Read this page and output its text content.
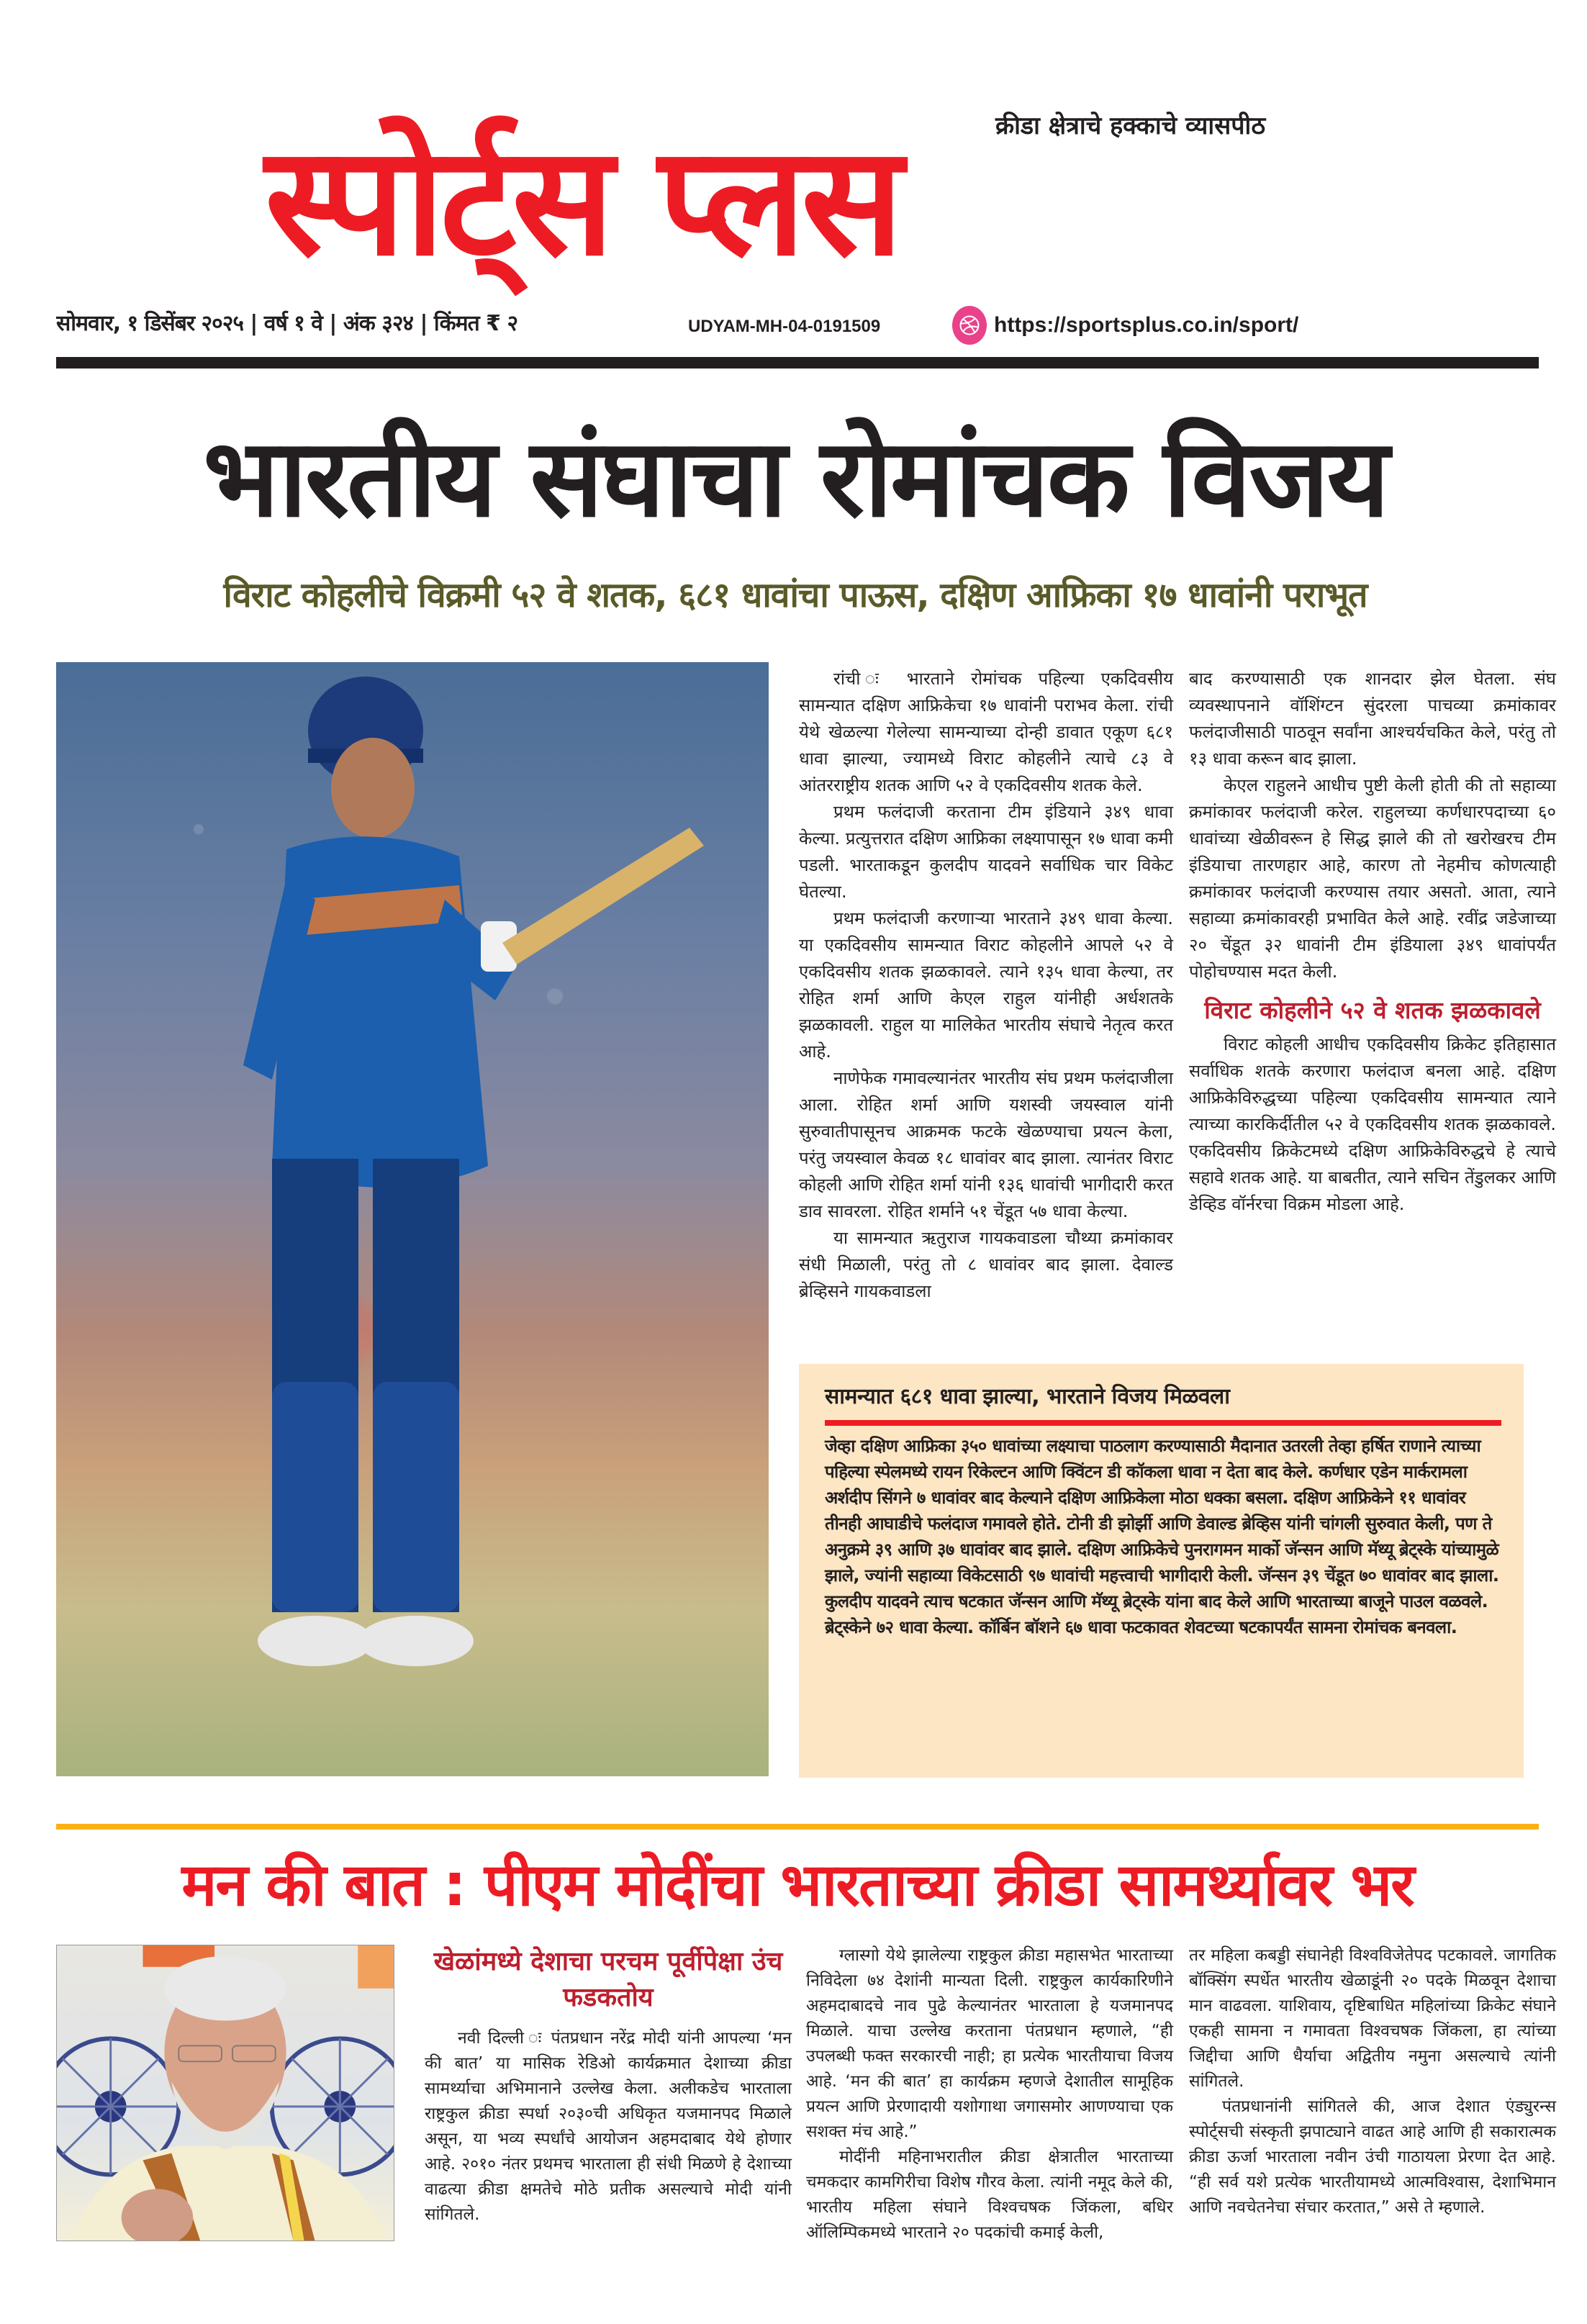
स्पोर्ट्स प्लस	क्रीडा क्षेत्राचे हक्काचे व्यासपीठ
सोमवार, १ डिसेंबर २०२५ | वर्ष १ वे | अंक ३२४ | किंमत ₹ २	UDYAM-MH-04-0191509	https://sportsplus.co.in/sport/
भारतीय संघाचा रोमांचक विजय
विराट कोहलीचे विक्रमी ५२ वे शतक, ६८१ धावांचा पाऊस, दक्षिण आफ्रिका १७ धावांनी पराभूत

रांची ः भारताने रोमांचक पहिल्या एकदिवसीय सामन्यात दक्षिण आफ्रिकेचा १७ धावांनी पराभव केला. रांची येथे खेळल्या गेलेल्या सामन्याच्या दोन्ही डावात एकूण ६८१ धावा झाल्या, ज्यामध्ये विराट कोहलीने त्याचे ८३ वे आंतरराष्ट्रीय शतक आणि ५२ वे एकदिवसीय शतक केले.

प्रथम फलंदाजी करताना टीम इंडियाने ३४९ धावा केल्या. प्रत्युत्तरात दक्षिण आफ्रिका लक्ष्यापासून १७ धावा कमी पडली. भारताकडून कुलदीप यादवने सर्वाधिक चार विकेट घेतल्या.

प्रथम फलंदाजी करणाऱ्या भारताने ३४९ धावा केल्या. या एकदिवसीय सामन्यात विराट कोहलीने आपले ५२ वे एकदिवसीय शतक झळकावले. त्याने १३५ धावा केल्या, तर रोहित शर्मा आणि केएल राहुल यांनीही अर्धशतके झळकावली. राहुल या मालिकेत भारतीय संघाचे नेतृत्व करत आहे.

नाणेफेक गमावल्यानंतर भारतीय संघ प्रथम फलंदाजीला आला. रोहित शर्मा आणि यशस्वी जयस्वाल यांनी सुरुवातीपासूनच आक्रमक फटके खेळण्याचा प्रयत्न केला, परंतु जयस्वाल केवळ १८ धावांवर बाद झाला. त्यानंतर विराट कोहली आणि रोहित शर्मा यांनी १३६ धावांची भागीदारी करत डाव सावरला. रोहित शर्माने ५१ चेंडूत ५७ धावा केल्या.

या सामन्यात ऋतुराज गायकवाडला चौथ्या क्रमांकावर संधी मिळाली, परंतु तो ८ धावांवर बाद झाला. देवाल्ड ब्रेव्हिसने गायकवाडला

बाद करण्यासाठी एक शानदार झेल घेतला. संघ व्यवस्थापनाने वॉशिंग्टन सुंदरला पाचव्या क्रमांकावर फलंदाजीसाठी पाठवून सर्वांना आश्चर्यचकित केले, परंतु तो १३ धावा करून बाद झाला.

केएल राहुलने आधीच पुष्टी केली होती की तो सहाव्या क्रमांकावर फलंदाजी करेल. राहुलच्या कर्णधारपदाच्या ६० धावांच्या खेळीवरून हे सिद्ध झाले की तो खरोखरच टीम इंडियाचा तारणहार आहे, कारण तो नेहमीच कोणत्याही क्रमांकावर फलंदाजी करण्यास तयार असतो. आता, त्याने सहाव्या क्रमांकावरही प्रभावित केले आहे. रवींद्र जडेजाच्या २० चेंडूत ३२ धावांनी टीम इंडियाला ३४९ धावांपर्यंत पोहोचण्यास मदत केली.

विराट कोहलीने ५२ वे शतक झळकावले

विराट कोहली आधीच एकदिवसीय क्रिकेट इतिहासात सर्वाधिक शतके करणारा फलंदाज बनला आहे. दक्षिण आफ्रिकेविरुद्धच्या पहिल्या एकदिवसीय सामन्यात त्याने त्याच्या कारकिर्दीतील ५२ वे एकदिवसीय शतक झळकावले. एकदिवसीय क्रिकेटमध्ये दक्षिण आफ्रिकेविरुद्धचे हे त्याचे सहावे शतक आहे. या बाबतीत, त्याने सचिन तेंडुलकर आणि डेव्हिड वॉर्नरचा विक्रम मोडला आहे.

सामन्यात ६८१ धावा झाल्या, भारताने विजय मिळवला

जेव्हा दक्षिण आफ्रिका ३५० धावांच्या लक्ष्याचा पाठलाग करण्यासाठी मैदानात उतरली तेव्हा हर्षित राणाने त्याच्या पहिल्या स्पेलमध्ये रायन रिकेल्टन आणि क्विंटन डी कॉकला धावा न देता बाद केले. कर्णधार एडेन मार्करामला अर्शदीप सिंगने ७ धावांवर बाद केल्याने दक्षिण आफ्रिकेला मोठा धक्का बसला. दक्षिण आफ्रिकेने ११ धावांवर तीनही आघाडीचे फलंदाज गमावले होते. टोनी डी झोर्झी आणि डेवाल्ड ब्रेव्हिस यांनी चांगली सुरुवात केली, पण ते अनुक्रमे ३९ आणि ३७ धावांवर बाद झाले. दक्षिण आफ्रिकेचे पुनरागमन मार्को जॅन्सन आणि मॅथ्यू ब्रेट्स्के यांच्यामुळे झाले, ज्यांनी सहाव्या विकेटसाठी ९७ धावांची महत्त्वाची भागीदारी केली. जॅन्सन ३९ चेंडूत ७० धावांवर बाद झाला. कुलदीप यादवने त्याच षटकात जॅन्सन आणि मॅथ्यू ब्रेट्स्के यांना बाद केले आणि भारताच्या बाजूने पाउल वळवले. ब्रेट्स्केने ७२ धावा केल्या. कॉर्बिन बॉशने ६७ धावा फटकावत शेवटच्या षटकापर्यंत सामना रोमांचक बनवला.

मन की बात : पीएम मोदींचा भारताच्या क्रीडा सामर्थ्यावर भर
खेळांमध्ये देशाचा परचम पूर्वीपेक्षा उंच फडकतोय

नवी दिल्ली ः पंतप्रधान नरेंद्र मोदी यांनी आपल्या ‘मन की बात’ या मासिक रेडिओ कार्यक्रमात देशाच्या क्रीडा सामर्थ्याचा अभिमानाने उल्लेख केला. अलीकडेच भारताला राष्ट्रकुल क्रीडा स्पर्धा २०३०ची अधिकृत यजमानपद मिळाले असून, या भव्य स्पर्धांचे आयोजन अहमदाबाद येथे होणार आहे. २०१० नंतर प्रथमच भारताला ही संधी मिळणे हे देशाच्या वाढत्या क्रीडा क्षमतेचे मोठे प्रतीक असल्याचे मोदी यांनी सांगितले.

ग्लास्गो येथे झालेल्या राष्ट्रकुल क्रीडा महासभेत भारताच्या निविदेला ७४ देशांनी मान्यता दिली. राष्ट्रकुल कार्यकारिणीने अहमदाबादचे नाव पुढे केल्यानंतर भारताला हे यजमानपद मिळाले. याचा उल्लेख करताना पंतप्रधान म्हणाले, “ही उपलब्धी फक्त सरकारची नाही; हा प्रत्येक भारतीयाचा विजय आहे. ‘मन की बात’ हा कार्यक्रम म्हणजे देशातील सामूहिक प्रयत्न आणि प्रेरणादायी यशोगाथा जगासमोर आणण्याचा एक सशक्त मंच आहे.”

मोदींनी महिनाभरातील क्रीडा क्षेत्रातील भारताच्या चमकदार कामगिरीचा विशेष गौरव केला. त्यांनी नमूद केले की, भारतीय महिला संघाने विश्वचषक जिंकला, बधिर ऑलिम्पिकमध्ये भारताने २० पदकांची कमाई केली,

तर महिला कबड्डी संघानेही विश्वविजेतेपद पटकावले. जागतिक बॉक्सिंग स्पर्धेत भारतीय खेळाडूंनी २० पदके मिळवून देशाचा मान वाढवला. याशिवाय, दृष्टिबाधित महिलांच्या क्रिकेट संघाने एकही सामना न गमावता विश्वचषक जिंकला, हा त्यांच्या जिद्दीचा आणि धैर्याचा अद्वितीय नमुना असल्याचे त्यांनी सांगितले.

पंतप्रधानांनी सांगितले की, आज देशात एंड्युरन्स स्पोर्ट्सची संस्कृती झपाट्याने वाढत आहे आणि ही सकारात्मक क्रीडा ऊर्जा भारताला नवीन उंची गाठायला प्रेरणा देत आहे. “ही सर्व यशे प्रत्येक भारतीयामध्ये आत्मविश्वास, देशाभिमान आणि नवचेतनेचा संचार करतात,” असे ते म्हणाले.
